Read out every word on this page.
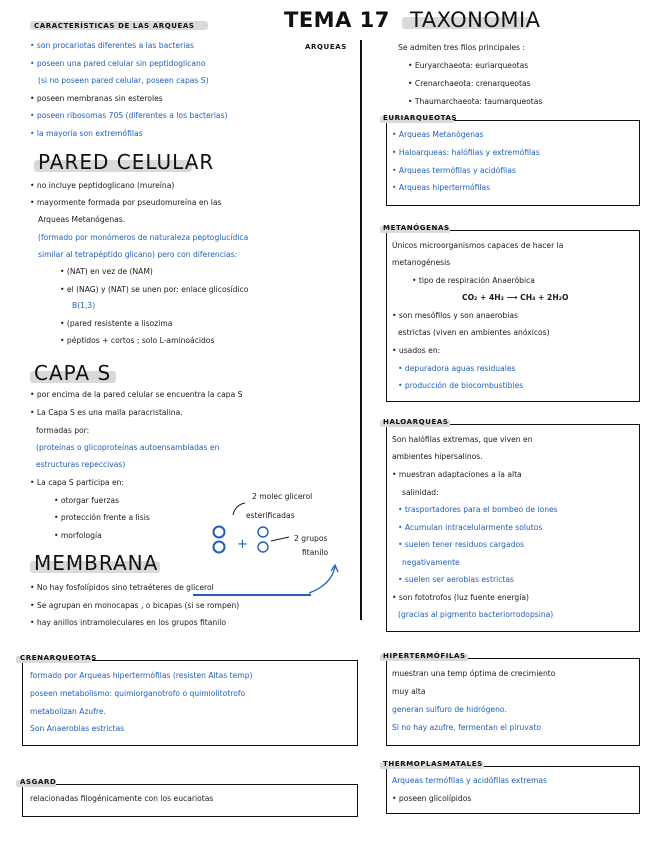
CARACTERÍSTICAS DE LAS ARQUEAS	TEMA 17 TAXONOMIA
ARQUEAS
• son procariotas diferentes a las bacterias
• poseen una pared celular sin peptidoglicano
(si no poseen pared celular, poseen capas S)
• poseen membranas sin esteroles
• poseen ribosomas 70S (diferentes a los bacterias)
• la mayoría son extremófilas
PARED CELULAR
• no incluye peptidoglicano (mureína)
• mayormente formada por pseudomureína en las
Arqueas Metanógenas.
(formado por monómeros de naturaleza peptoglucídica
similar al tetrapéptido glicano) pero con diferencias:
• (NAT) en vez de (NAM)
• el (NAG) y (NAT) se unen por: enlace glicosídico
B(1,3)
• (pared resistente a lisozima
• péptidos + cortos ; solo L-aminoácidos
CAPA S
• por encima de la pared celular se encuentra la capa S
• La Capa S es una malla paracristalina.
formadas por:
(proteínas o glicoproteínas autoensambladas en
estructuras repeccivas)
• La capa S participa en:
• otorgar fuerzas
• protección frente a lisis
• morfología
2 molec glicerol
esterificadas
2 grupos
fitanilo
+
MEMBRANA
• No hay fosfolípidos sino tetraéteres de glicerol
• Se agrupan en monocapas , o bicapas (si se rompen)
• hay anillos intramoleculares en los grupos fitanilo
Se admiten tres filos principales :
• Euryarchaeota: euriarqueotas
• Crenarchaeota: crenarqueotas
• Thaumarchaeota: taumarqueotas
EURIARQUEOTAS
• Arqueas Metanógenas
• Haloarqueas: halófilas y extremófilas
• Arqueas termófilas y acidófilas
• Arqueas hipertermófilas
METANÓGENAS
Únicos microorganismos capaces de hacer la
metanogénesis
• tipo de respiración Anaeróbica
CO₂ + 4H₂ ⟶ CH₄ + 2H₂O
• son mesófilos y son anaerobias
estrictas (viven en ambientes anóxicos)
• usados en:
• depuradora aguas residuales
• producción de biocombustibles
HALOARQUEAS
Son halófilas extremas, que viven en
ambientes hipersalinos.
• muestran adaptaciones a la alta
salinidad:
• trasportadores para el bombeo de iones
• Acumulan intracelularmente solutos
• suelen tener residuos cargados
negativamente
• suelen ser aerobias estrictas
• son fototrofos (luz fuente energía)
(gracias al pigmento bacteriorrodopsina)
CRENARQUEOTAS
formado por Arqueas hipertermófilas (resisten Altas temp)
poseen metabolismo: quimiorganotrofo o quimiolitotrofo
metabolizan Azufre.
Son Anaerobias estrictas
ASGARD
relacionadas filogénicamente con los eucariotas
HIPERTERMÓFILAS
muestran una temp óptima de crecimiento
muy alta
generan sulfuro de hidrógeno.
Si no hay azufre, fermentan el piruvato
THERMOPLASMATALES
Arqueas termófilas y acidófilas extremas
• poseen glicolípidos
